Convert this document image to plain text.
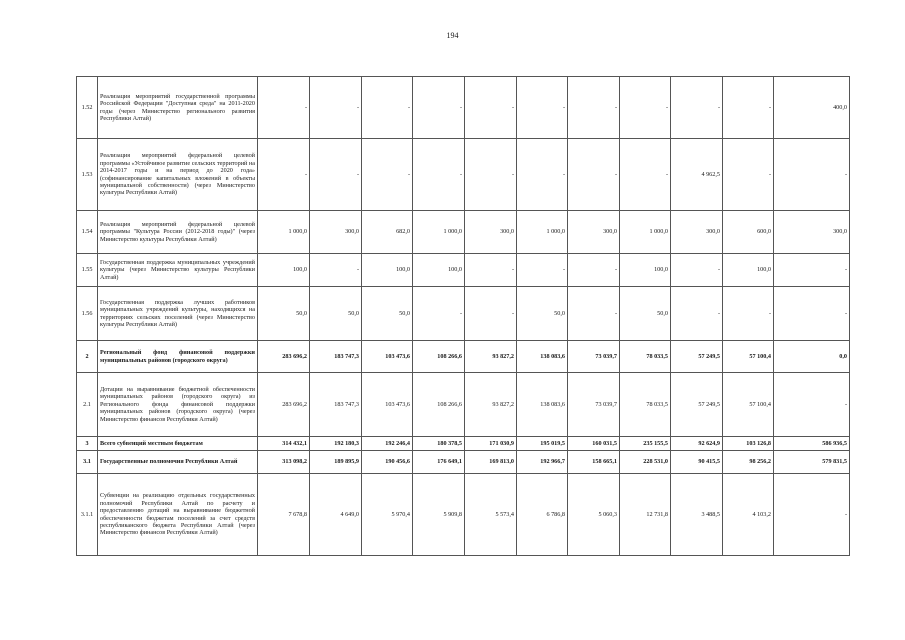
194
1.52	Реализация мероприятий государственной программы Российской Федерации "Доступная среда" на 2011-2020 годы (через Министерство регионального развития Республики Алтай)	-	-	-	-	-	-	-	-	-	-	400,0
1.53	Реализация мероприятий федеральной целевой программы «Устойчивое развитие сельских территорий на 2014-2017 годы и на период до 2020 года» (софинансирование капитальных вложений в объекты муниципальной собственности) (через Министерство культуры Республики Алтай)	-	-	-	-	-	-	-	-	4 962,5	-	-
1.54	Реализация мероприятий федеральной целевой программы "Культура России (2012-2018 годы)" (через Министерство культуры Республики Алтай)	1 000,0	300,0	682,0	1 000,0	300,0	1 000,0	300,0	1 000,0	300,0	600,0	300,0
1.55	Государственная поддержка муниципальных учреждений культуры (через Министерство культуры Республики Алтай)	100,0	-	100,0	100,0	-	-	-	100,0	-	100,0	-
1.56	Государственная поддержка лучших работников муниципальных учреждений культуры, находящихся на территориях сельских поселений (через Министерство культуры Республики Алтай)	50,0	50,0	50,0	-	-	50,0	-	50,0	-	-	-
2	Региональный фонд финансовой поддержки муниципальных районов (городского округа)	283 696,2	183 747,3	103 473,6	108 266,6	93 827,2	138 083,6	73 039,7	78 033,5	57 249,5	57 100,4	0,0
2.1	Дотации на выравнивание бюджетной обеспеченности муниципальных районов (городского округа) из Регионального фонда финансовой поддержки муниципальных районов (городского округа) (через Министерство финансов Республики Алтай)	283 696,2	183 747,3	103 473,6	108 266,6	93 827,2	138 083,6	73 039,7	78 033,5	57 249,5	57 100,4	-
3	Всего субвенций местным бюджетам	314 432,1	192 180,3	192 246,4	180 378,5	171 030,9	195 019,5	160 031,5	235 155,5	92 624,9	103 126,8	586 936,5
3.1	Государственные полномочия Республики Алтай	313 098,2	189 895,9	190 456,6	176 649,1	169 813,0	192 966,7	158 665,1	228 531,0	90 415,5	98 256,2	579 831,5
3.1.1	Субвенции на реализацию отдельных государственных полномочий Республики Алтай по расчету и предоставлению дотаций на выравнивание бюджетной обеспеченности бюджетам поселений за счет средств республиканского бюджета Республики Алтай (через Министерство финансов Республики Алтай)	7 678,8	4 649,0	5 970,4	5 909,8	5 573,4	6 786,8	5 060,3	12 731,8	3 488,5	4 103,2	-
